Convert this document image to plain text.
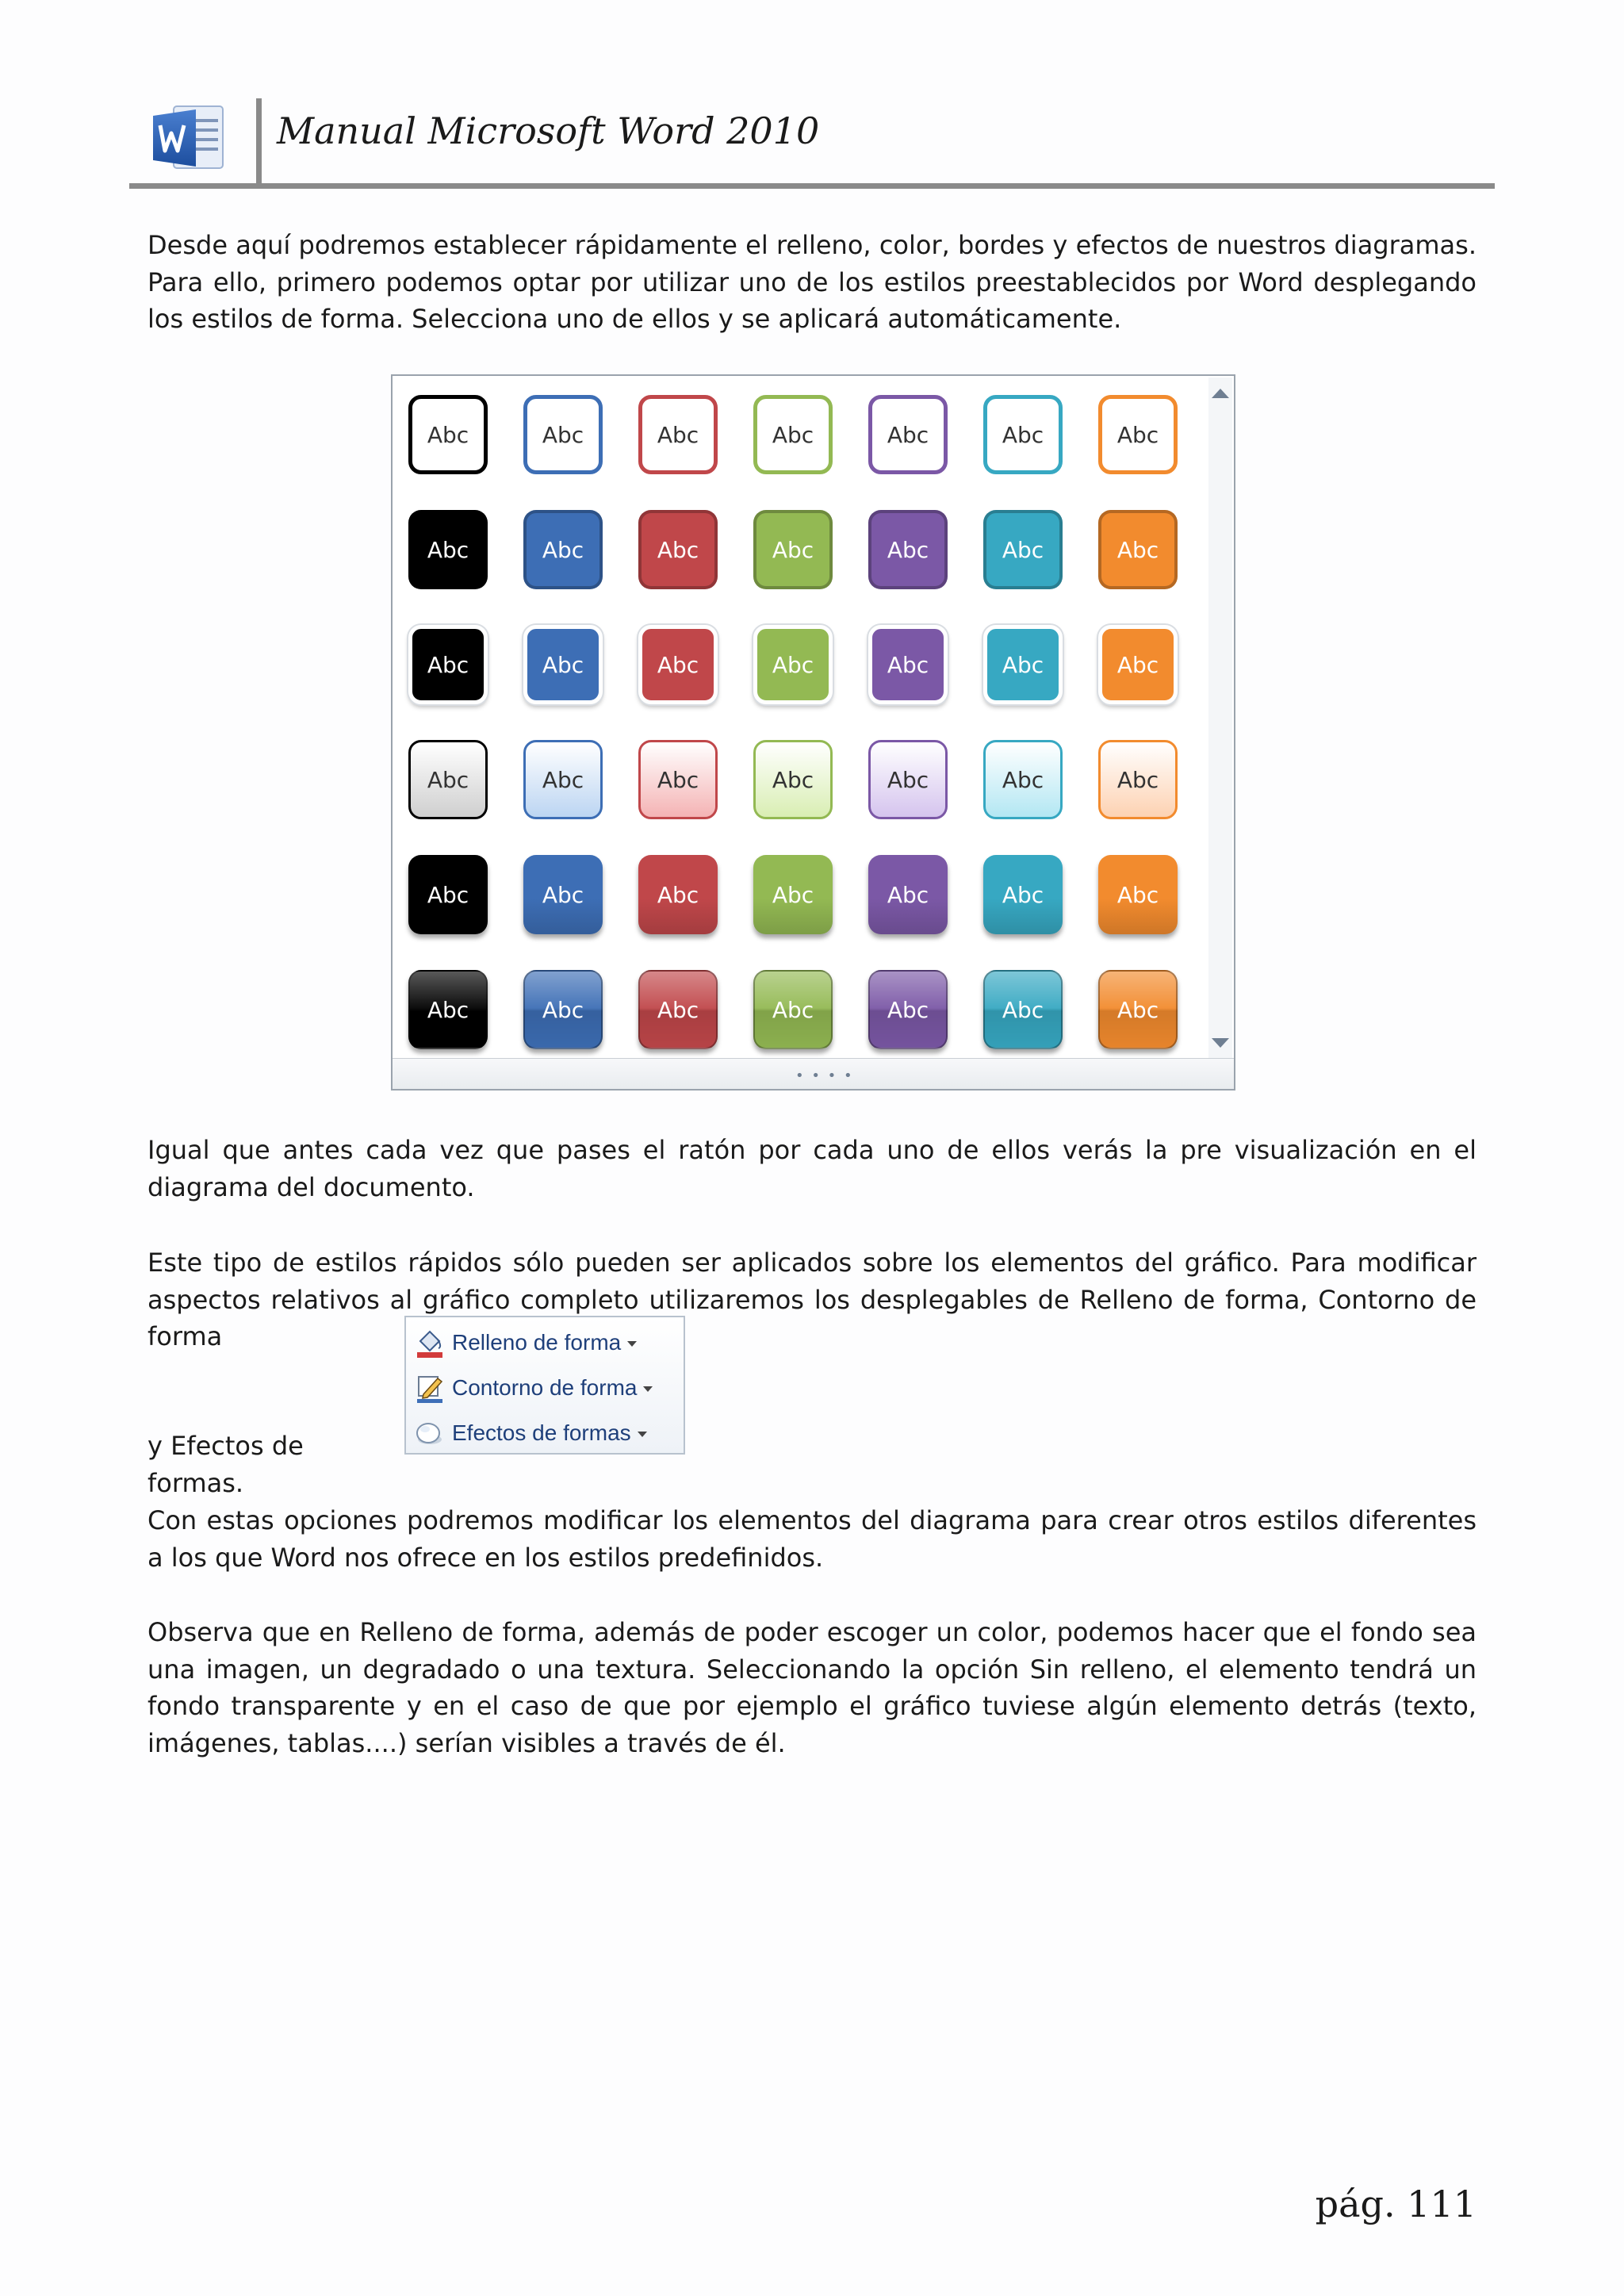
Manual Microsoft Word 2010

Desde aquí podremos establecer rápidamente el relleno, color, bordes y efectos de nuestros diagramas. Para ello, primero podemos optar por utilizar uno de los estilos preestablecidos por Word desplegando los estilos de forma. Selecciona uno de ellos y se aplicará automáticamente.

Abc	Abc	Abc	Abc	Abc	Abc	Abc
Abc	Abc	Abc	Abc	Abc	Abc	Abc
Abc	Abc	Abc	Abc	Abc	Abc	Abc
Abc	Abc	Abc	Abc	Abc	Abc	Abc
Abc	Abc	Abc	Abc	Abc	Abc	Abc
Abc	Abc	Abc	Abc	Abc	Abc	Abc
• • • •

Igual que antes cada vez que pases el ratón por cada uno de ellos verás la pre visualización en el diagrama del documento.

Este tipo de estilos rápidos sólo pueden ser aplicados sobre los elementos del gráfico. Para modificar aspectos relativos al gráfico completo utilizaremos los desplegables de Relleno de forma, Contorno de forma

y Efectos de formas.

Relleno de forma
Contorno de forma
Efectos de formas

Con estas opciones podremos modificar los elementos del diagrama para crear otros estilos diferentes a los que Word nos ofrece en los estilos predefinidos.

Observa que en Relleno de forma, además de poder escoger un color, podemos hacer que el fondo sea una imagen, un degradado o una textura. Seleccionando la opción Sin relleno, el elemento tendrá un fondo transparente y en el caso de que por ejemplo el gráfico tuviese algún elemento detrás (texto, imágenes, tablas....) serían visibles a través de él.

pág. 111
